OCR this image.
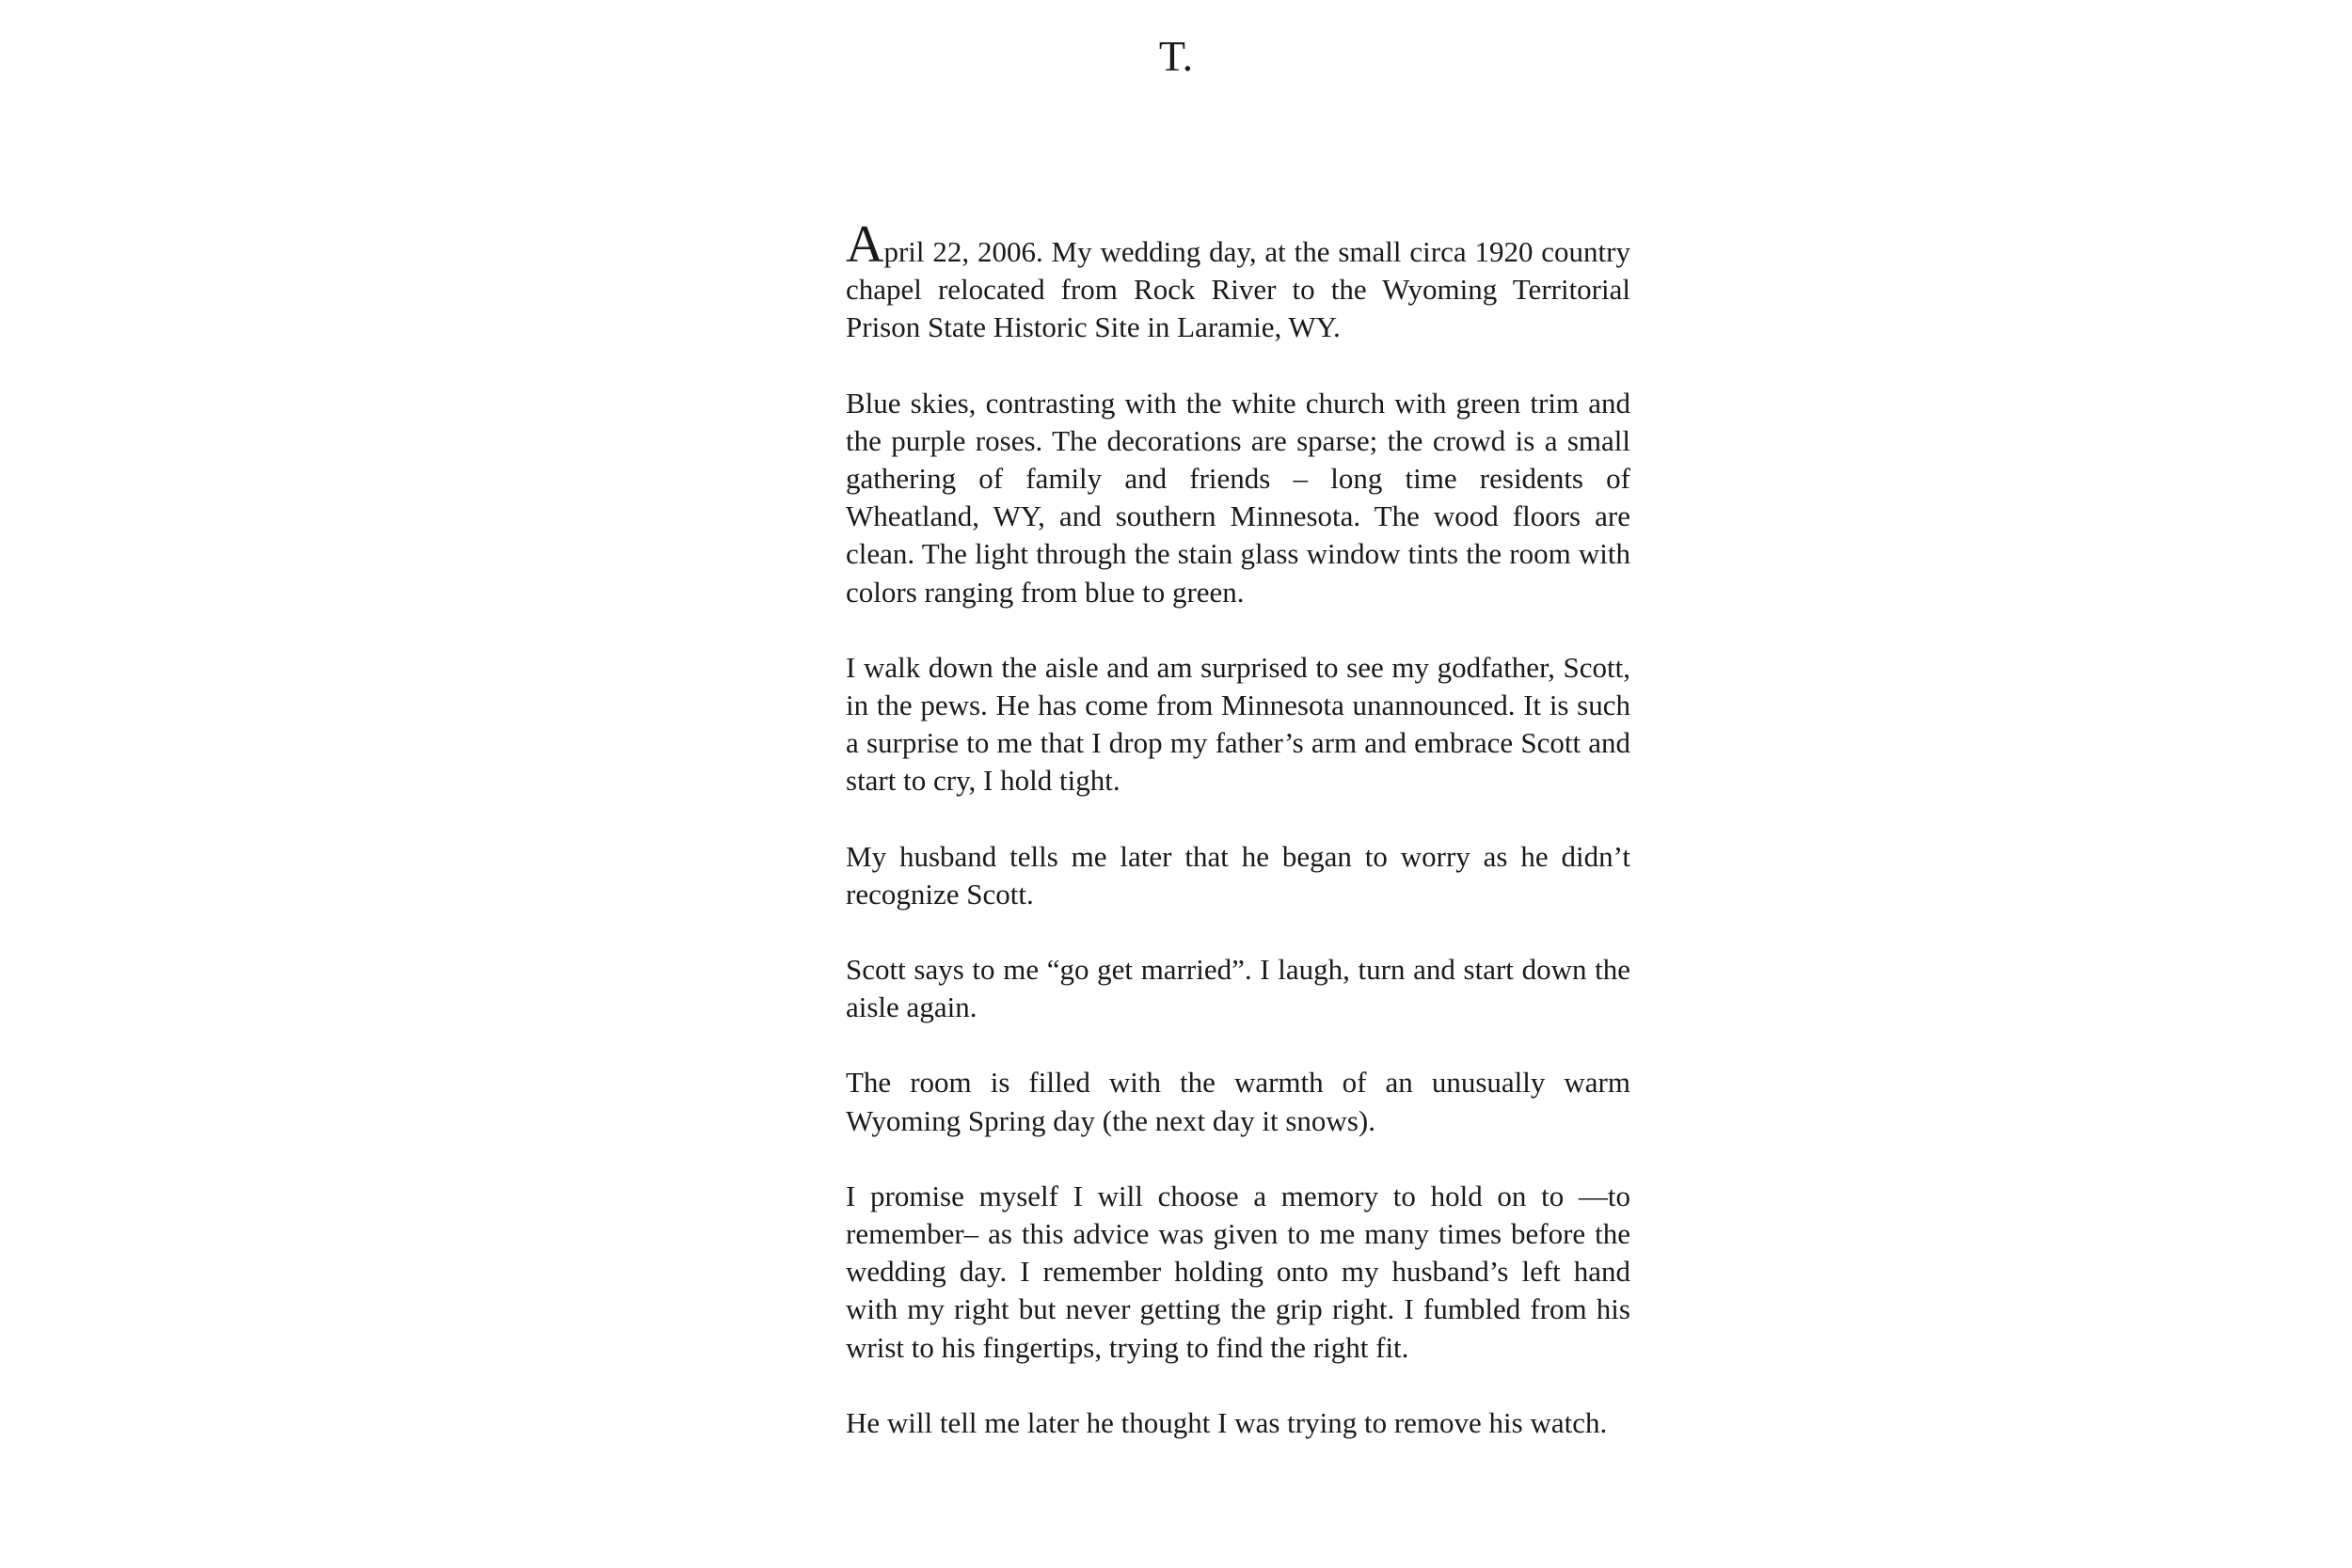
T.

April 22, 2006. My wedding day, at the small circa 1920 country chapel relocated from Rock River to the Wyoming Territorial Prison State Historic Site in Laramie, WY.

Blue skies, contrasting with the white church with green trim and the purple roses. The decorations are sparse; the crowd is a small gathering of family and friends – long time residents of Wheatland, WY, and southern Minnesota. The wood floors are clean. The light through the stain glass window tints the room with colors ranging from blue to green.

I walk down the aisle and am surprised to see my godfather, Scott, in the pews. He has come from Minnesota unannounced. It is such a surprise to me that I drop my father’s arm and embrace Scott and start to cry, I hold tight.

My husband tells me later that he began to worry as he didn’t recognize Scott.

Scott says to me “go get married”. I laugh, turn and start down the aisle again.

The room is filled with the warmth of an unusually warm Wyoming Spring day (the next day it snows).

I promise myself I will choose a memory to hold on to —to remember– as this advice was given to me many times before the wedding day. I remember holding onto my husband’s left hand with my right but never getting the grip right. I fumbled from his wrist to his fingertips, trying to find the right fit.

He will tell me later he thought I was trying to remove his watch.
